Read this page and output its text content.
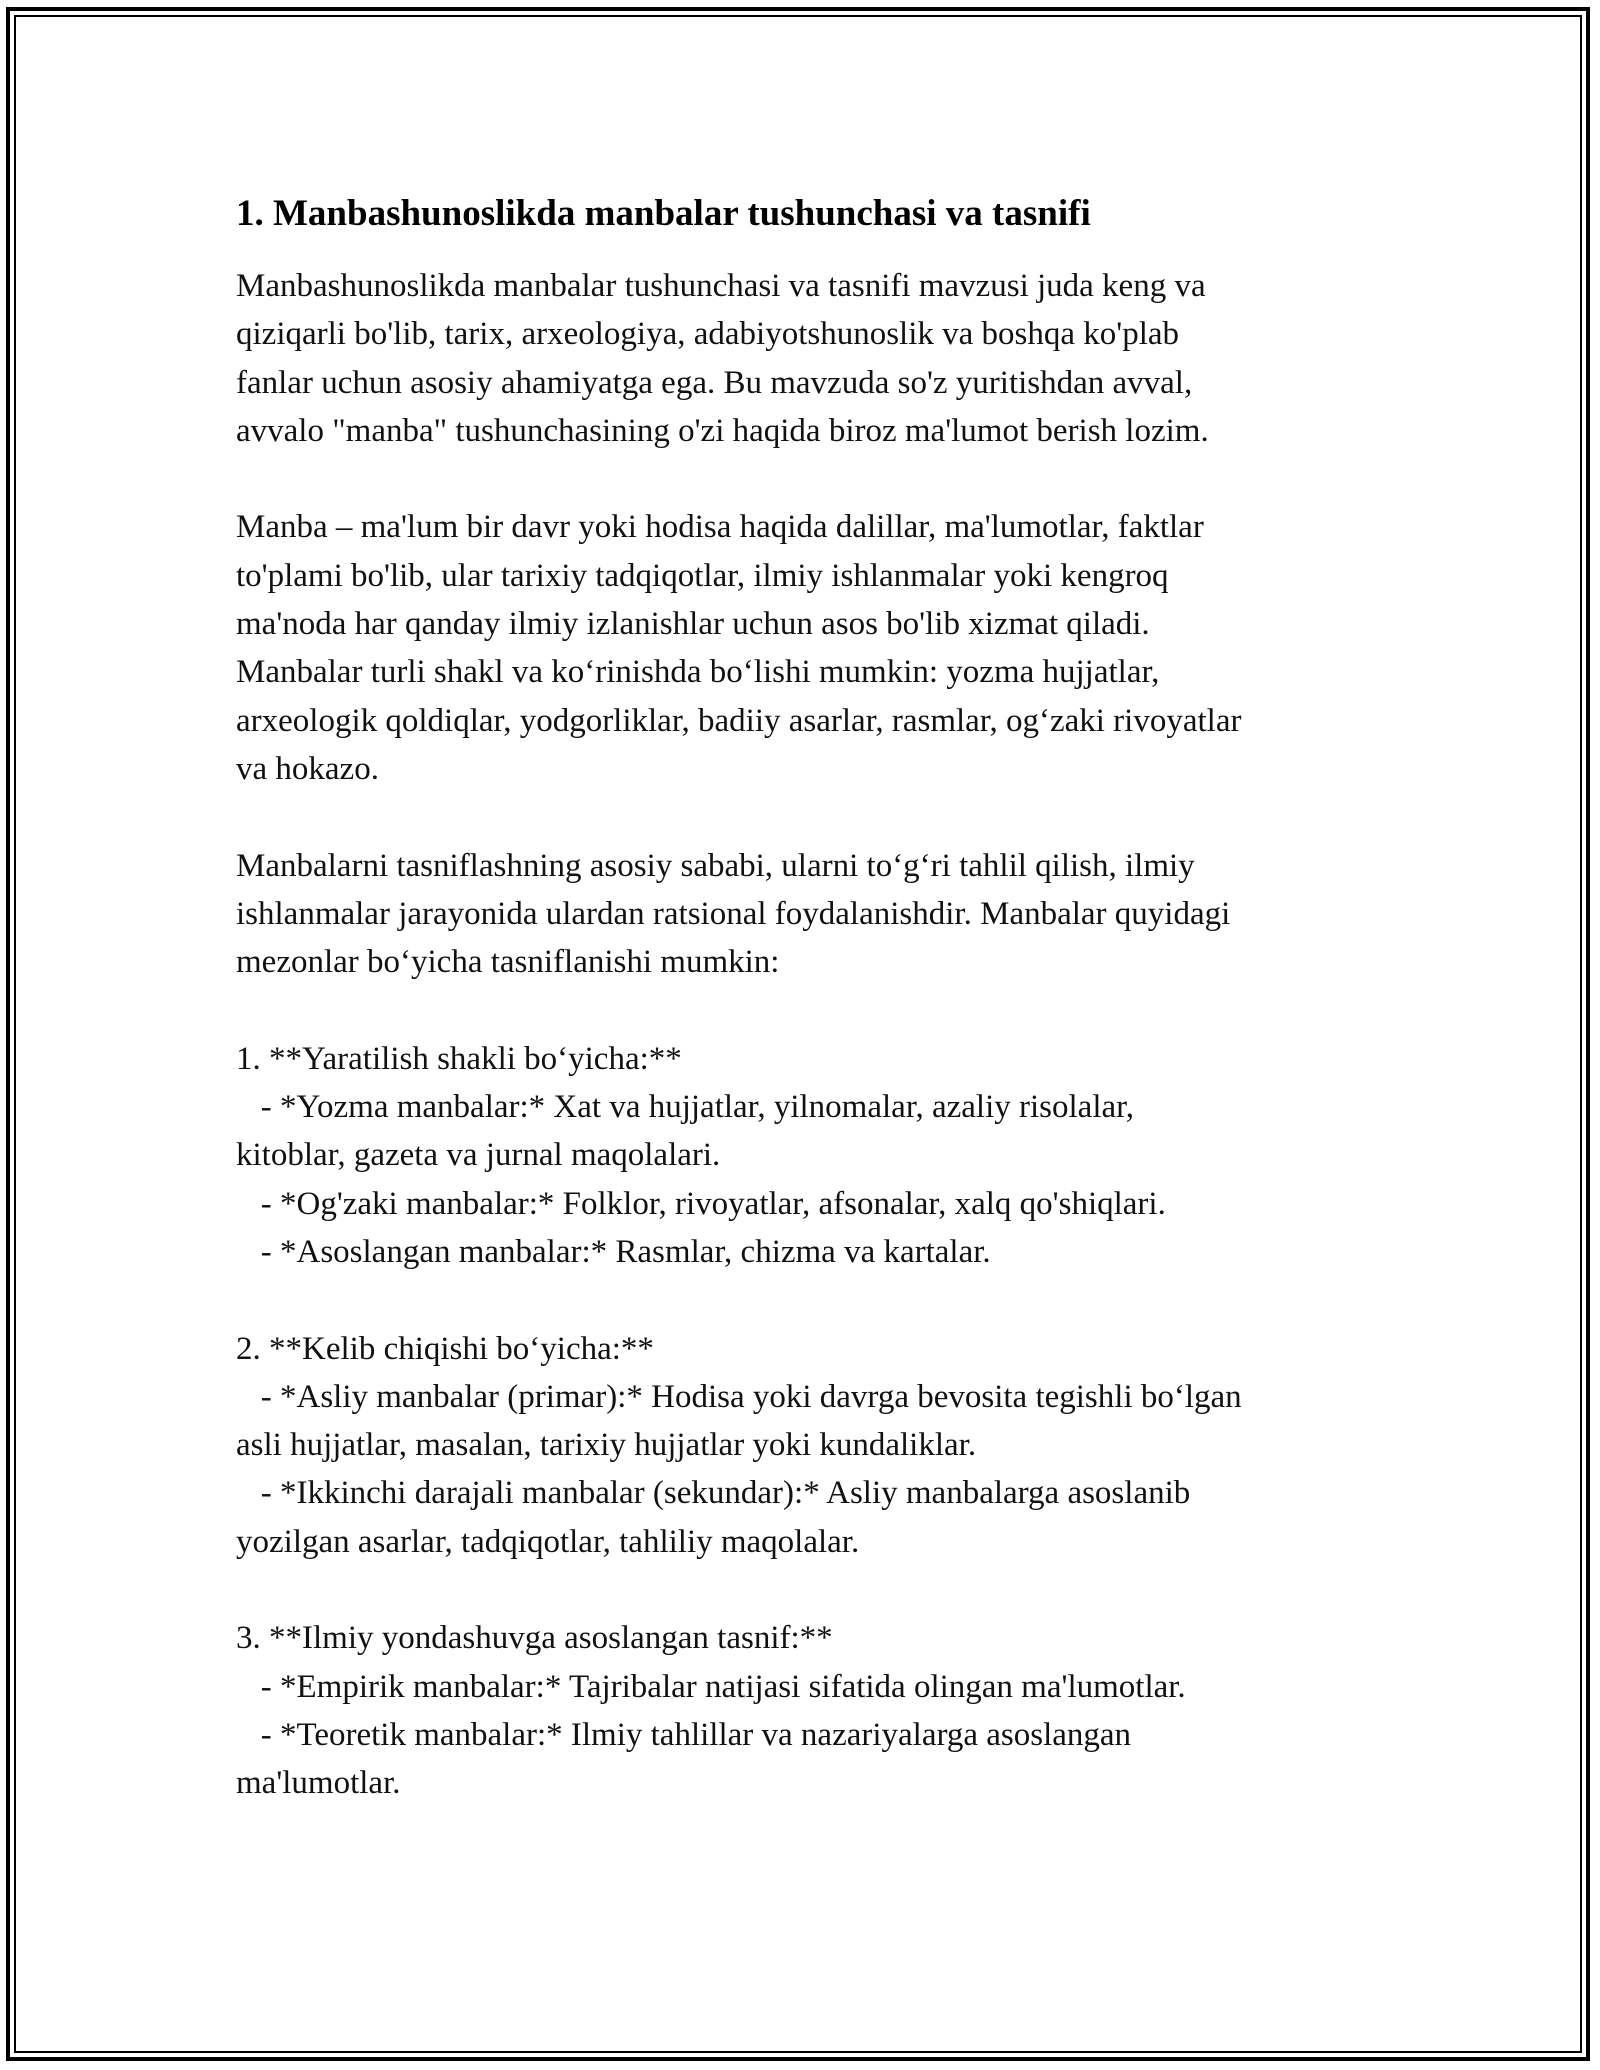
1. Manbashunoslikda manbalar tushunchasi va tasnifi
Manbashunoslikda manbalar tushunchasi va tasnifi mavzusi juda keng va
qiziqarli bo'lib, tarix, arxeologiya, adabiyotshunoslik va boshqa ko'plab
fanlar uchun asosiy ahamiyatga ega. Bu mavzuda so'z yuritishdan avval,
avvalo "manba" tushunchasining o'zi haqida biroz ma'lumot berish lozim.
Manba – ma'lum bir davr yoki hodisa haqida dalillar, ma'lumotlar, faktlar
to'plami bo'lib, ular tarixiy tadqiqotlar, ilmiy ishlanmalar yoki kengroq
ma'noda har qanday ilmiy izlanishlar uchun asos bo'lib xizmat qiladi.
Manbalar turli shakl va koʻrinishda boʻlishi mumkin: yozma hujjatlar,
arxeologik qoldiqlar, yodgorliklar, badiiy asarlar, rasmlar, ogʻzaki rivoyatlar
va hokazo.
Manbalarni tasniflashning asosiy sababi, ularni toʻgʻri tahlil qilish, ilmiy
ishlanmalar jarayonida ulardan ratsional foydalanishdir. Manbalar quyidagi
mezonlar boʻyicha tasniflanishi mumkin:
1. **Yaratilish shakli boʻyicha:**
- *Yozma manbalar:* Xat va hujjatlar, yilnomalar, azaliy risolalar,
kitoblar, gazeta va jurnal maqolalari.
- *Og'zaki manbalar:* Folklor, rivoyatlar, afsonalar, xalq qo'shiqlari.
- *Asoslangan manbalar:* Rasmlar, chizma va kartalar.
2. **Kelib chiqishi boʻyicha:**
- *Asliy manbalar (primar):* Hodisa yoki davrga bevosita tegishli boʻlgan
asli hujjatlar, masalan, tarixiy hujjatlar yoki kundaliklar.
- *Ikkinchi darajali manbalar (sekundar):* Asliy manbalarga asoslanib
yozilgan asarlar, tadqiqotlar, tahliliy maqolalar.
3. **Ilmiy yondashuvga asoslangan tasnif:**
- *Empirik manbalar:* Tajribalar natijasi sifatida olingan ma'lumotlar.
- *Teoretik manbalar:* Ilmiy tahlillar va nazariyalarga asoslangan
ma'lumotlar.
